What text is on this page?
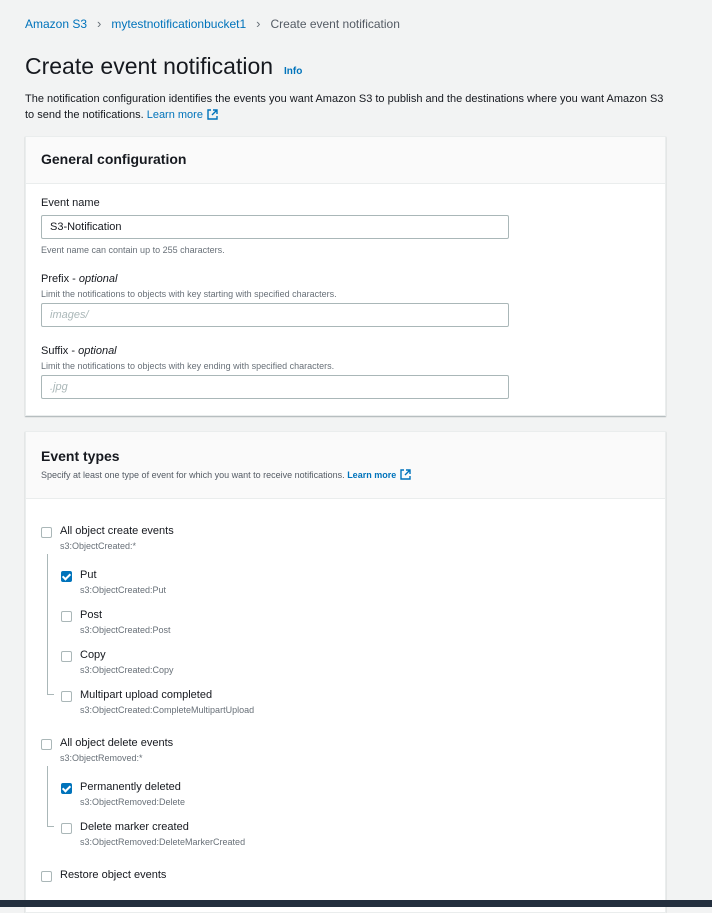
Amazon S3 › mytestnotificationbucket1 › Create event notification
Create event notification Info
The notification configuration identifies the events you want Amazon S3 to publish and the destinations where you want Amazon S3 to send the notifications. Learn more
General configuration
Event name
S3-Notification
Event name can contain up to 255 characters.
Prefix - optional
Limit the notifications to objects with key starting with specified characters.
images/
Suffix - optional
Limit the notifications to objects with key ending with specified characters.
.jpg
Event types
Specify at least one type of event for which you want to receive notifications. Learn more
All object create events
s3:ObjectCreated:*
Put
s3:ObjectCreated:Put
Post
s3:ObjectCreated:Post
Copy
s3:ObjectCreated:Copy
Multipart upload completed
s3:ObjectCreated:CompleteMultipartUpload
All object delete events
s3:ObjectRemoved:*
Permanently deleted
s3:ObjectRemoved:Delete
Delete marker created
s3:ObjectRemoved:DeleteMarkerCreated
Restore object events
